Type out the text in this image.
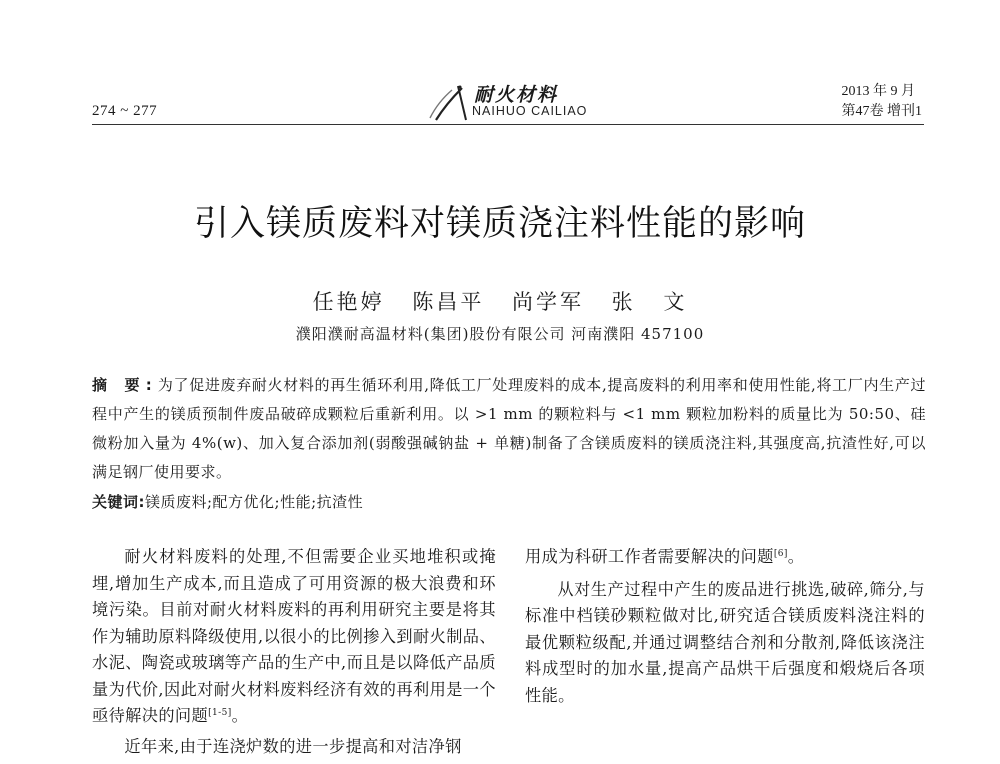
274 ~ 277
耐火材料
NAIHUO CAILIAO
2013 年 9 月
第47卷 增刊1
引入镁质废料对镁质浇注料性能的影响
任艳婷 陈昌平 尚学军 张 文
濮阳濮耐高温材料(集团)股份有限公司 河南濮阳 457100
摘 要:为了促进废弃耐火材料的再生循环利用,降低工厂处理废料的成本,提高废料的利用率和使用性能,将工厂内生产过程中产生的镁质预制件废品破碎成颗粒后重新利用。以 >1 mm 的颗粒料与 <1 mm 颗粒加粉料的质量比为 50:50、硅微粉加入量为 4%(w)、加入复合添加剂(弱酸强碱钠盐 + 单糖)制备了含镁质废料的镁质浇注料,其强度高,抗渣性好,可以满足钢厂使用要求。
关键词:镁质废料;配方优化;性能;抗渣性

耐火材料废料的处理,不但需要企业买地堆积或掩埋,增加生产成本,而且造成了可用资源的极大浪费和环境污染。目前对耐火材料废料的再利用研究主要是将其作为辅助原料降级使用,以很小的比例掺入到耐火制品、水泥、陶瓷或玻璃等产品的生产中,而且是以降低产品质量为代价,因此对耐火材料废料经济有效的再利用是一个亟待解决的问题[1-5]。

近年来,由于连浇炉数的进一步提高和对洁净钢

用成为科研工作者需要解决的问题[6]。

从对生产过程中产生的废品进行挑选,破碎,筛分,与标准中档镁砂颗粒做对比,研究适合镁质废料浇注料的最优颗粒级配,并通过调整结合剂和分散剂,降低该浇注料成型时的加水量,提高产品烘干后强度和煅烧后各项性能。
